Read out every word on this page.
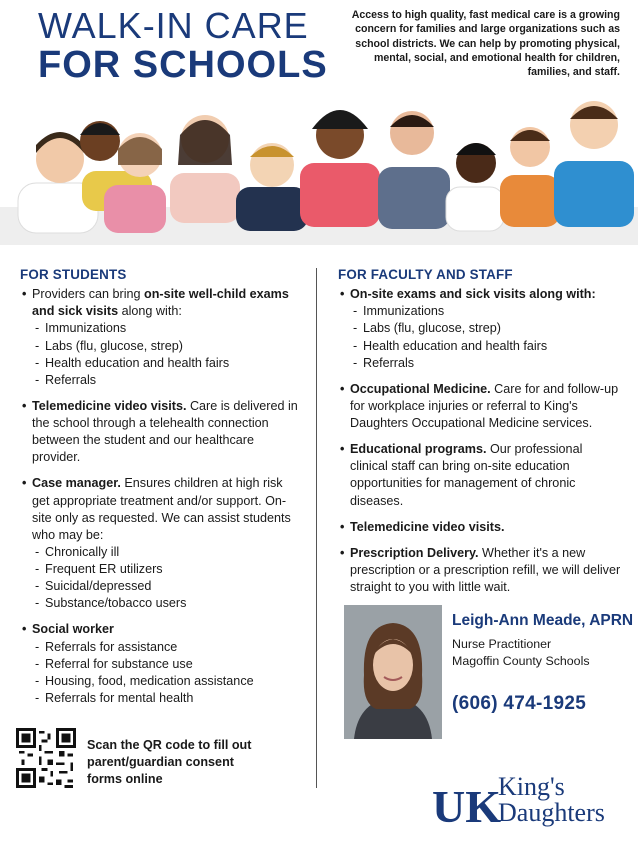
WALK-IN CARE
FOR SCHOOLS
Access to high quality, fast medical care is a growing concern for families and large organizations such as school districts. We can help by promoting physical, mental, social, and emotional health for children, families, and staff.
FOR STUDENTS
• Providers can bring on-site well-child exams and sick visits along with:
- Immunizations
- Labs (flu, glucose, strep)
- Health education and health fairs
- Referrals
• Telemedicine video visits. Care is delivered in the school through a telehealth connection between the student and our healthcare provider.
• Case manager. Ensures children at high risk get appropriate treatment and/or support. On-site only as requested. We can assist students who may be:
- Chronically ill
- Frequent ER utilizers
- Suicidal/depressed
- Substance/tobacco users
• Social worker
- Referrals for assistance
- Referral for substance use
- Housing, food, medication assistance
- Referrals for mental health
FOR FACULTY AND STAFF
• On-site exams and sick visits along with:
- Immunizations
- Labs (flu, glucose, strep)
- Health education and health fairs
- Referrals
• Occupational Medicine. Care for and follow-up for workplace injuries or referral to King's Daughters Occupational Medicine services.
• Educational programs. Our professional clinical staff can bring on-site education opportunities for management of chronic diseases.
• Telemedicine video visits.
• Prescription Delivery. Whether it's a new prescription or a prescription refill, we will deliver straight to you with little wait.
Scan the QR code to fill out parent/guardian consent forms online
Leigh-Ann Meade, APRN
Nurse Practitioner
Magoffin County Schools
(606) 474-1925
UK
King's
Daughters
